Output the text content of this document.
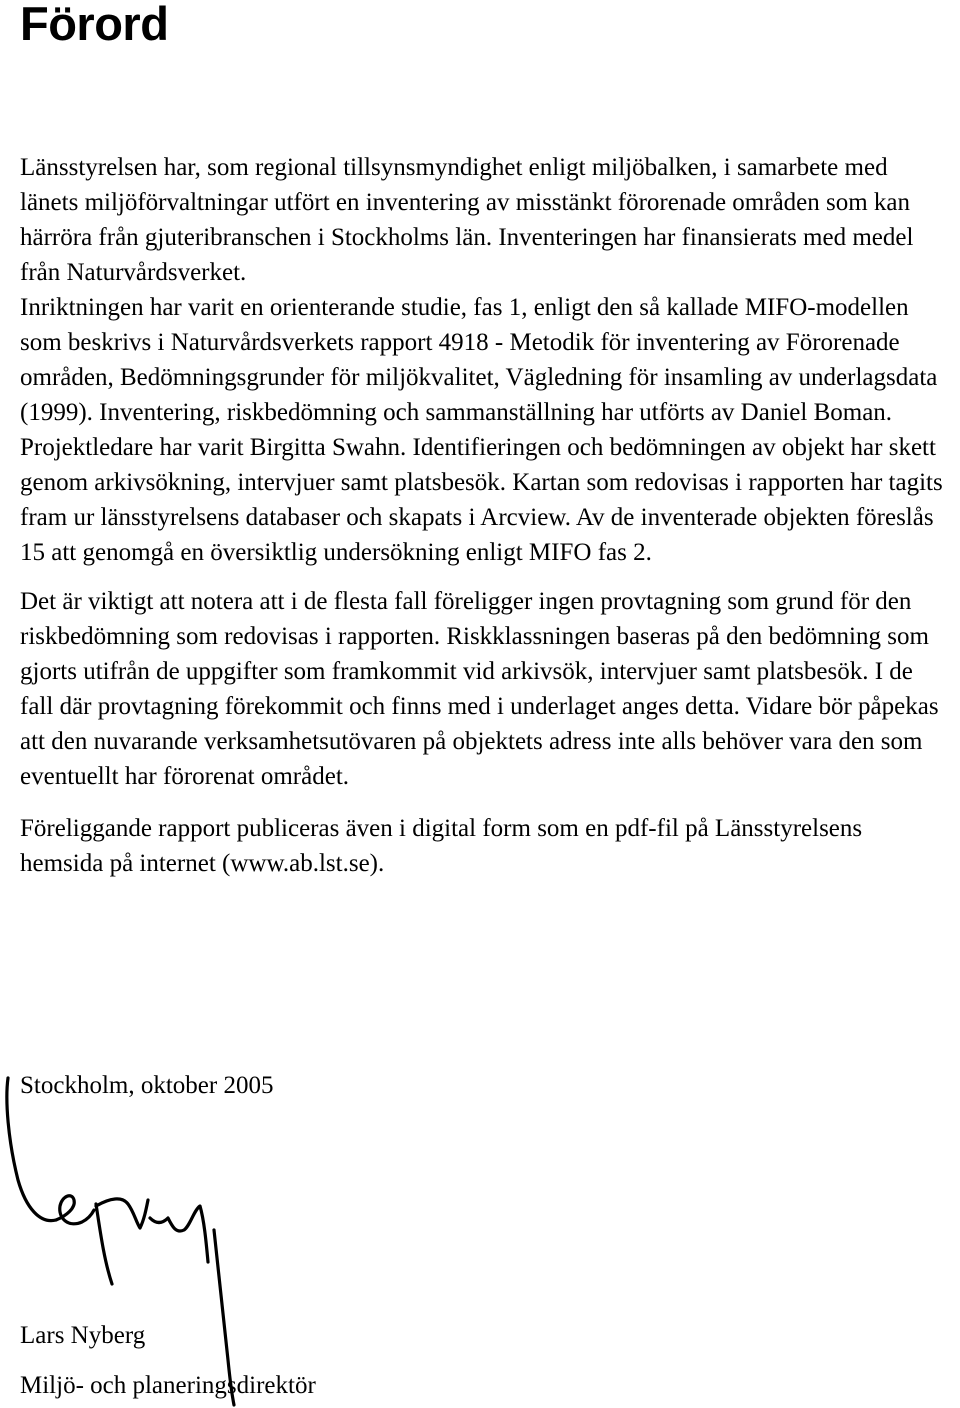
Förord

Länsstyrelsen har, som regional tillsynsmyndighet enligt miljöbalken, i samarbete med länets miljöförvaltningar utfört en inventering av misstänkt förorenade områden som kan härröra från gjuteribranschen i Stockholms län. Inventeringen har finansierats med medel från Naturvårdsverket.

Inriktningen har varit en orienterande studie, fas 1, enligt den så kallade MIFO-modellen som beskrivs i Naturvårdsverkets rapport 4918 - Metodik för inventering av Förorenade områden, Bedömningsgrunder för miljökvalitet, Vägledning för insamling av underlagsdata (1999). Inventering, riskbedömning och sammanställning har utförts av Daniel Boman. Projektledare har varit Birgitta Swahn. Identifieringen och bedömningen av objekt har skett genom arkivsökning, intervjuer samt platsbesök. Kartan som redovisas i rapporten har tagits fram ur länsstyrelsens databaser och skapats i Arcview. Av de inventerade objekten föreslås 15 att genomgå en översiktlig undersökning enligt MIFO fas 2.

Det är viktigt att notera att i de flesta fall föreligger ingen provtagning som grund för den riskbedömning som redovisas i rapporten. Riskklassningen baseras på den bedömning som gjorts utifrån de uppgifter som framkommit vid arkivsök, intervjuer samt platsbesök. I de fall där provtagning förekommit och finns med i underlaget anges detta. Vidare bör påpekas att den nuvarande verksamhetsutövaren på objektets adress inte alls behöver vara den som eventuellt har förorenat området.

Föreliggande rapport publiceras även i digital form som en pdf-fil på Länsstyrelsens hemsida på internet (www.ab.lst.se).

Stockholm, oktober 2005
Lars Nyberg
Miljö- och planeringsdirektör
